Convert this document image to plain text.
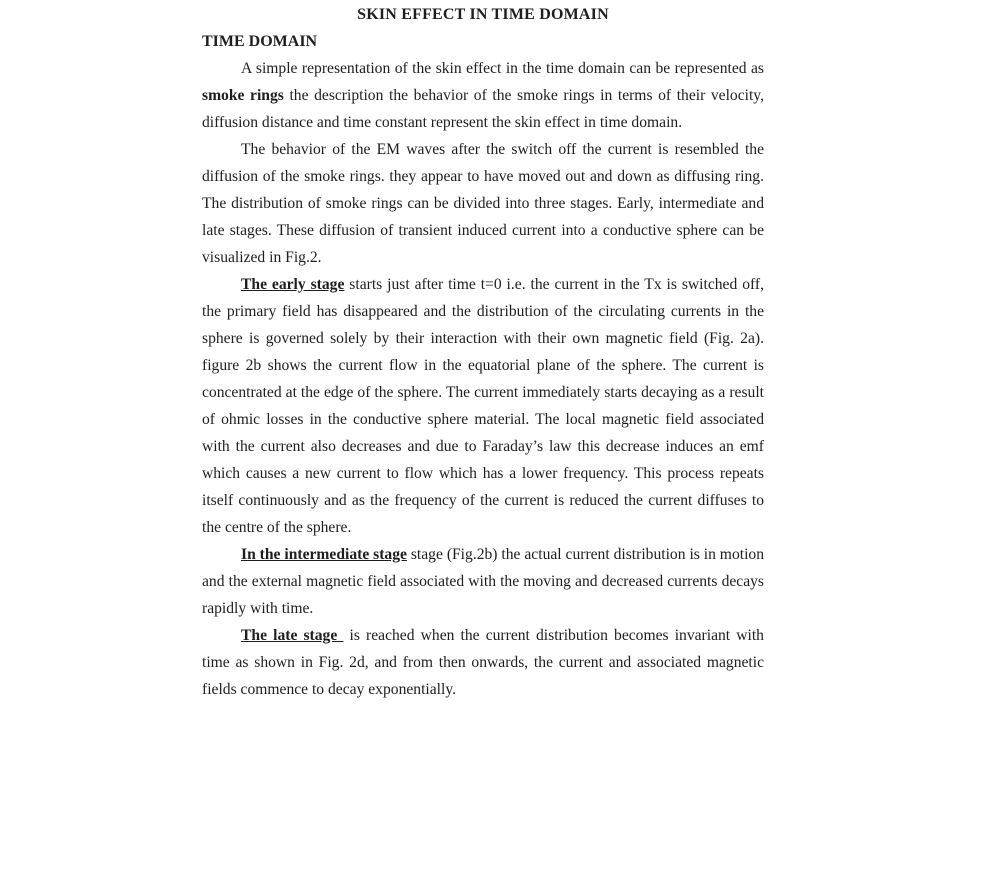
SKIN EFFECT IN TIME DOMAIN
TIME DOMAIN

A simple representation of the skin effect in the time domain can be represented as smoke rings the description the behavior of the smoke rings in terms of their velocity, diffusion distance and time constant represent the skin effect in time domain.

The behavior of the EM waves after the switch off the current is resembled the diffusion of the smoke rings. they appear to have moved out and down as diffusing ring. The distribution of smoke rings can be divided into three stages. Early, intermediate and late stages. These diffusion of transient induced current into a conductive sphere can be visualized in Fig.2.

The early stage starts just after time t=0 i.e. the current in the Tx is switched off, the primary field has disappeared and the distribution of the circulating currents in the sphere is governed solely by their interaction with their own magnetic field (Fig. 2a). figure 2b shows the current flow in the equatorial plane of the sphere. The current is concentrated at the edge of the sphere. The current immediately starts decaying as a result of ohmic losses in the conductive sphere material. The local magnetic field associated with the current also decreases and due to Faraday’s law this decrease induces an emf which causes a new current to flow which has a lower frequency. This process repeats itself continuously and as the frequency of the current is reduced the current diffuses to the centre of the sphere.

In the intermediate stage stage (Fig.2b) the actual current distribution is in motion and the external magnetic field associated with the moving and decreased currents decays rapidly with time.

The late stage  is reached when the current distribution becomes invariant with time as shown in Fig. 2d, and from then onwards, the current and associated magnetic fields commence to decay exponentially.
